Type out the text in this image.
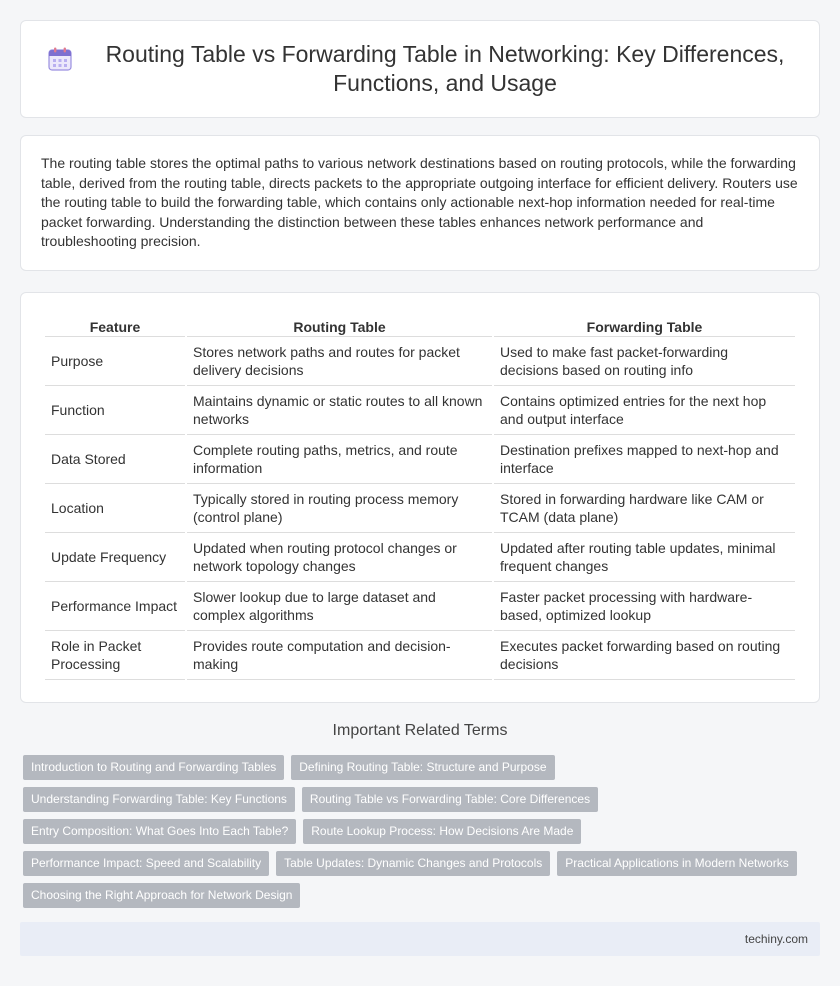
Routing Table vs Forwarding Table in Networking: Key Differences, Functions, and Usage

The routing table stores the optimal paths to various network destinations based on routing protocols, while the forwarding table, derived from the routing table, directs packets to the appropriate outgoing interface for efficient delivery. Routers use the routing table to build the forwarding table, which contains only actionable next-hop information needed for real-time packet forwarding. Understanding the distinction between these tables enhances network performance and troubleshooting precision.

Feature	Routing Table	Forwarding Table
Purpose	Stores network paths and routes for packet delivery decisions	Used to make fast packet-forwarding decisions based on routing info
Function	Maintains dynamic or static routes to all known networks	Contains optimized entries for the next hop and output interface
Data Stored	Complete routing paths, metrics, and route information	Destination prefixes mapped to next-hop and interface
Location	Typically stored in routing process memory (control plane)	Stored in forwarding hardware like CAM or TCAM (data plane)
Update Frequency	Updated when routing protocol changes or network topology changes	Updated after routing table updates, minimal frequent changes
Performance Impact	Slower lookup due to large dataset and complex algorithms	Faster packet processing with hardware-based, optimized lookup
Role in Packet Processing	Provides route computation and decision-making	Executes packet forwarding based on routing decisions
Important Related Terms
Introduction to Routing and Forwarding Tables	Defining Routing Table: Structure and Purpose
Understanding Forwarding Table: Key Functions	Routing Table vs Forwarding Table: Core Differences
Entry Composition: What Goes Into Each Table?	Route Lookup Process: How Decisions Are Made
Performance Impact: Speed and Scalability	Table Updates: Dynamic Changes and Protocols	Practical Applications in Modern Networks
Choosing the Right Approach for Network Design
techiny.com
